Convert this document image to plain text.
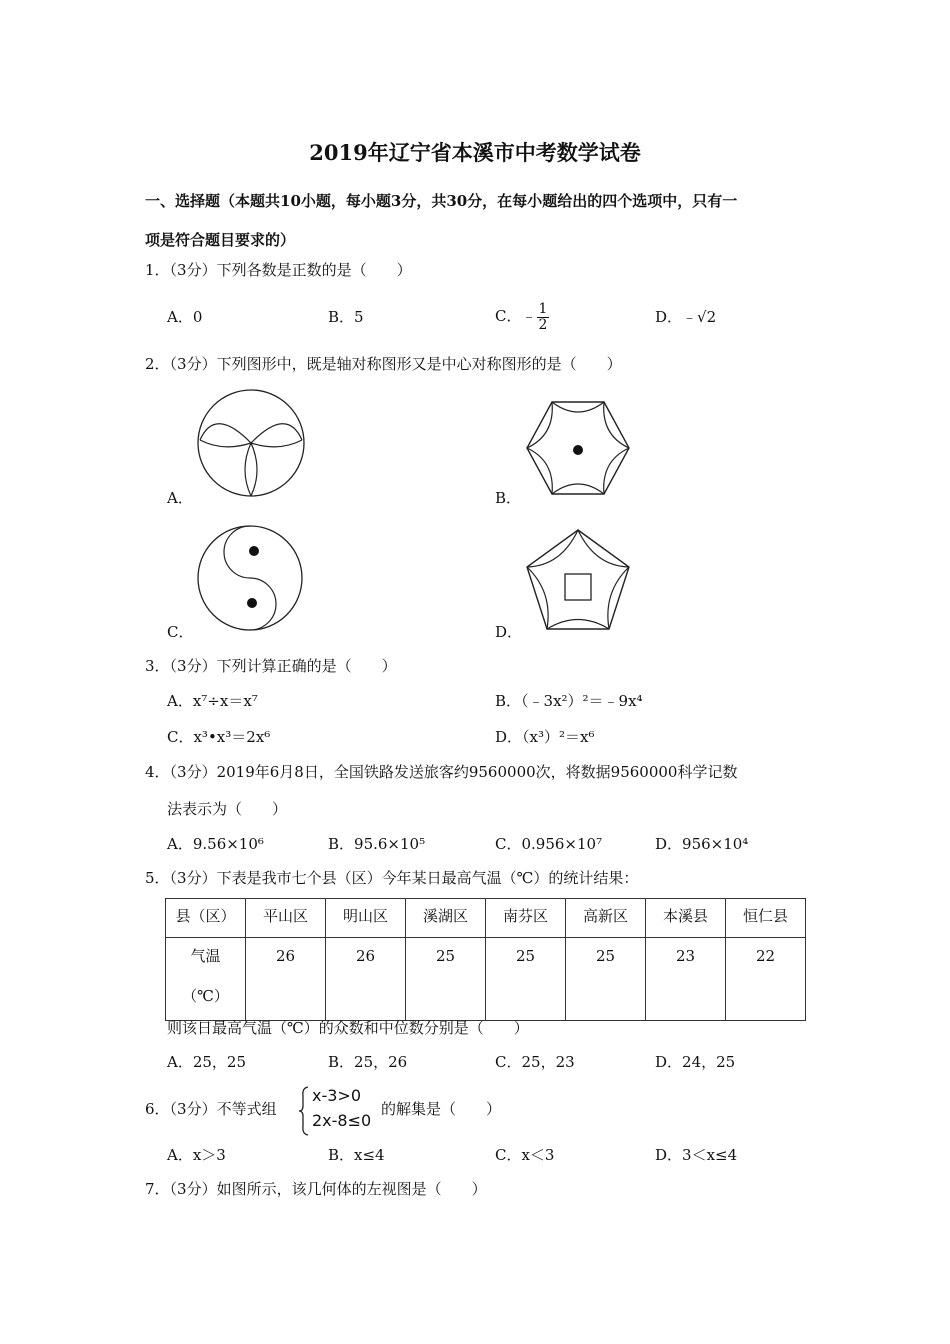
2019年辽宁省本溪市中考数学试卷
一、选择题（本题共10小题，每小题3分，共30分，在每小题给出的四个选项中，只有一
项是符合题目要求的）
1．（3分）下列各数是正数的是（　　）
A．0	B．5	C．﹣ $\frac{1}{2}$	D．﹣√2
2．（3分）下列图形中，既是轴对称图形又是中心对称图形的是（　　）
A．	B．
C．	D．
3．（3分）下列计算正确的是（　　）
A．x⁷÷x＝x⁷	B．（﹣3x²）²＝﹣9x⁴
C．x³•x³＝2x⁶	D．（x³）²＝x⁶
4．（3分）2019年6月8日，全国铁路发送旅客约9560000次，将数据9560000科学记数
法表示为（　　）
A．9.56×10⁶	B．95.6×10⁵	C．0.956×10⁷	D．956×10⁴
5．（3分）下表是我市七个县（区）今年某日最高气温（℃）的统计结果：
县（区）	平山区	明山区	溪湖区	南芬区	高新区	本溪县	恒仁县
气温

（℃）	26	26	25	25	25	23	22
则该日最高气温（℃）的众数和中位数分别是（　　）
A．25，25	B．25，26	C．25，23	D．24，25
6．（3分）不等式组
x-3>0
2x-8≤0
的解集是（　　）
A．x＞3	B．x≤4	C．x＜3	D．3＜x≤4
7．（3分）如图所示，该几何体的左视图是（　　）
